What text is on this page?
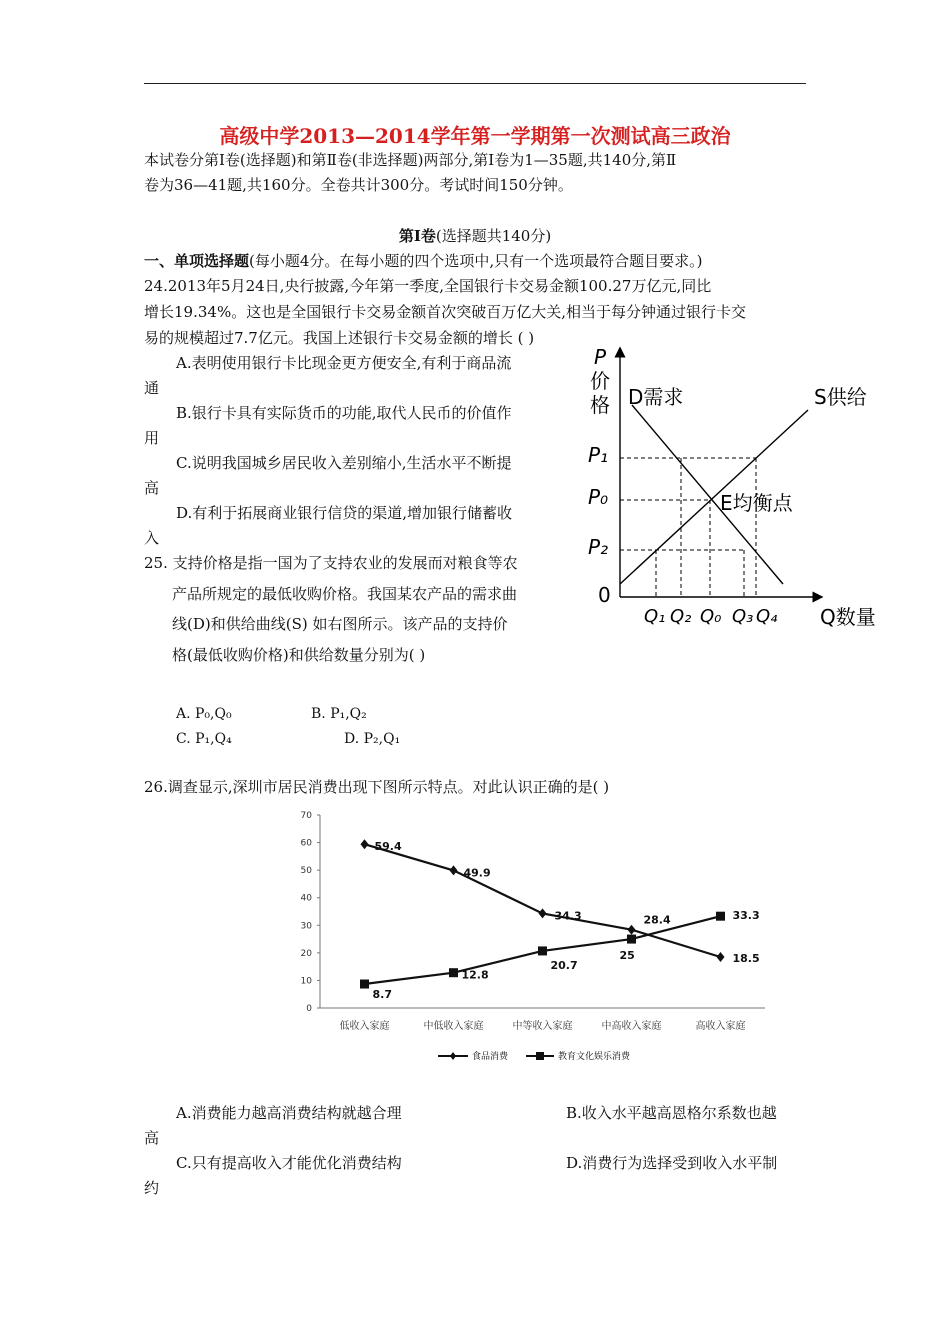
高级中学2013—2014学年第一学期第一次测试高三政治
本试卷分第Ⅰ卷(选择题)和第Ⅱ卷(非选择题)两部分,第Ⅰ卷为1—35题,共140分,第Ⅱ
卷为36—41题,共160分。全卷共计300分。考试时间150分钟。
第Ⅰ卷(选择题共140分)
一、单项选择题(每小题4分。在每小题的四个选项中,只有一个选项最符合题目要求。)
24.2013年5月24日,央行披露,今年第一季度,全国银行卡交易金额100.27万亿元,同比
增长19.34%。这也是全国银行卡交易金额首次突破百万亿大关,相当于每分钟通过银行卡交
易的规模超过7.7亿元。我国上述银行卡交易金额的增长 ( )
A.表明使用银行卡比现金更方便安全,有利于商品流
通
B.银行卡具有实际货币的功能,取代人民币的价值作
用
C.说明我国城乡居民收入差别缩小,生活水平不断提
高
D.有利于拓展商业银行信贷的渠道,增加银行储蓄收
入
25. 支持价格是指一国为了支持农业的发展而对粮食等农
产品所规定的最低收购价格。我国某农产品的需求曲
线(D)和供给曲线(S) 如右图所示。该产品的支持价
格(最低收购价格)和供给数量分别为( )
A. P₀,Q₀	B. P₁,Q₂
C. P₁,Q₄	D. P₂,Q₁
P
价
格 D需求	S供给
P₁
P₀
P₂
0
E均衡点
Q数量
Q₁ Q₂ Q₀ Q₃ Q₄
26.调查显示,深圳市居民消费出现下图所示特点。对此认识正确的是( )
0
10
20
30
40
50
60
70
低收入家庭	中低收入家庭	中等收入家庭	中高收入家庭	高收入家庭
59.4
49.9
34.3	28.4
18.5
8.7
12.8
20.7
25
33.3
食品消费	教育文化娱乐消费
A.消费能力越高消费结构就越合理	B.收入水平越高恩格尔系数也越
高
C.只有提高收入才能优化消费结构	D.消费行为选择受到收入水平制
约
